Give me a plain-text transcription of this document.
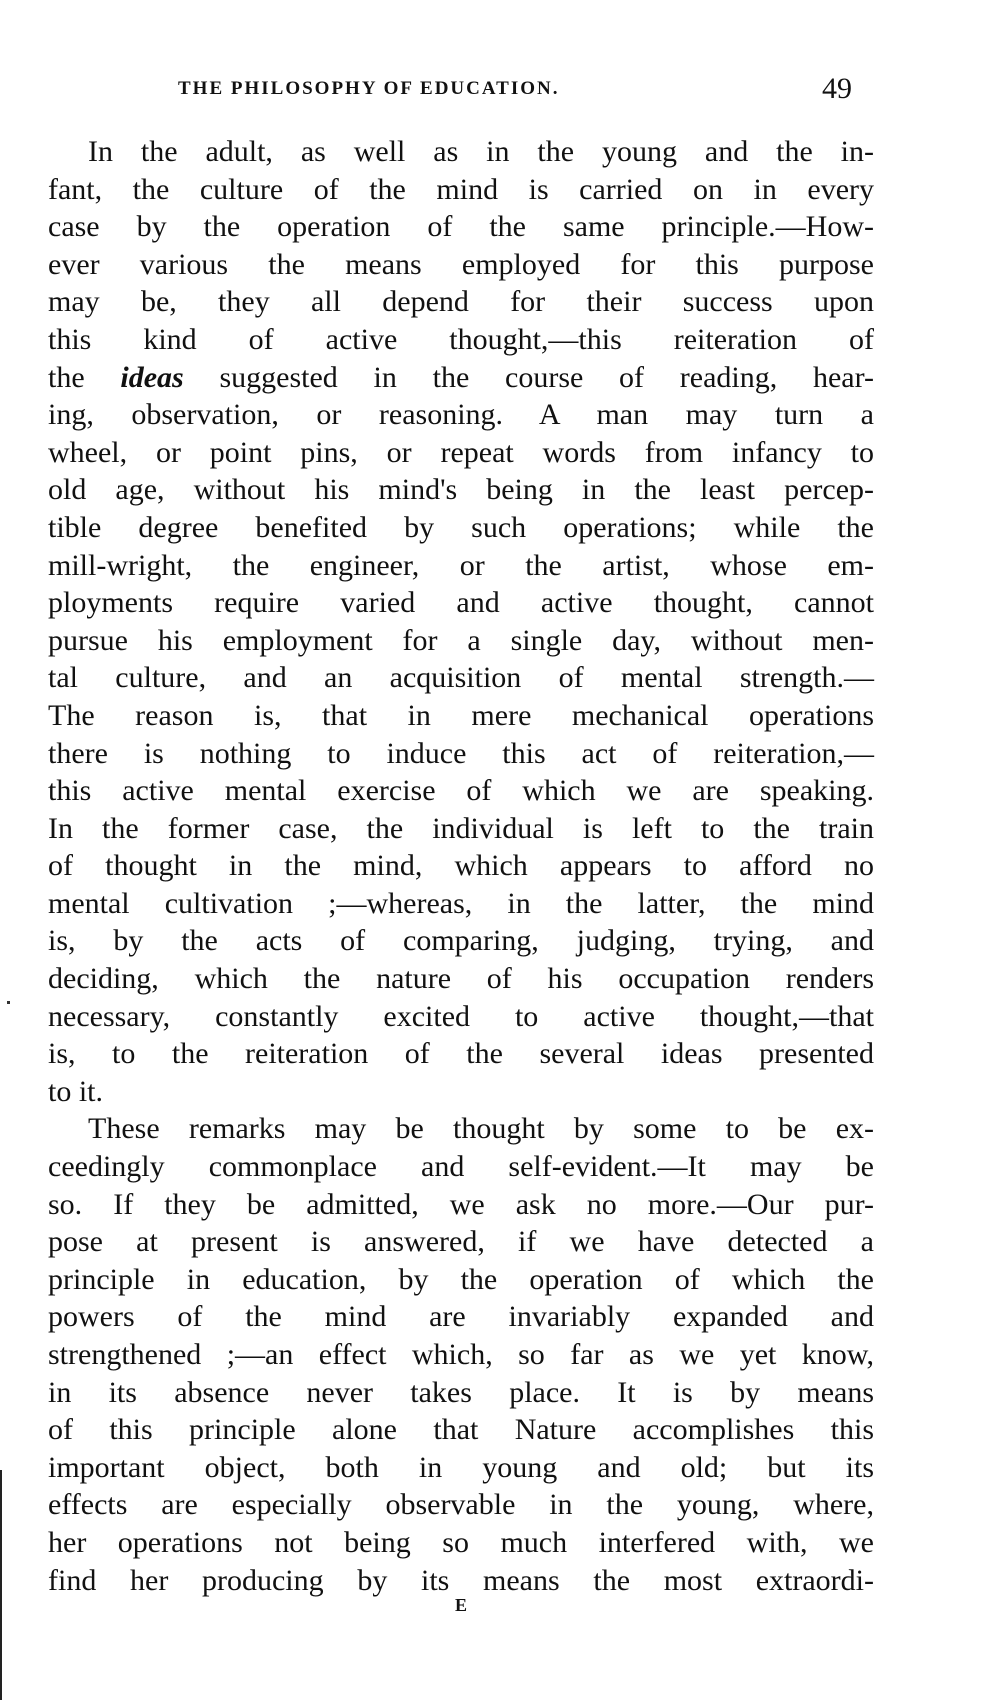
THE PHILOSOPHY OF EDUCATION.	49
In the adult, as well as in the young and the in-
fant, the culture of the mind is carried on in every
case by the operation of the same principle.—How-
ever various the means employed for this purpose
may be, they all depend for their success upon
this kind of active thought,—this reiteration of
the ideas suggested in the course of reading, hear-
ing, observation, or reasoning. A man may turn a
wheel, or point pins, or repeat words from infancy to
old age, without his mind's being in the least percep-
tible degree benefited by such operations; while the
mill-wright, the engineer, or the artist, whose em-
ployments require varied and active thought, cannot
pursue his employment for a single day, without men-
tal culture, and an acquisition of mental strength.—
The reason is, that in mere mechanical operations
there is nothing to induce this act of reiteration,—
this active mental exercise of which we are speaking.
In the former case, the individual is left to the train
of thought in the mind, which appears to afford no
mental cultivation ;—whereas, in the latter, the mind
is, by the acts of comparing, judging, trying, and
deciding, which the nature of his occupation renders
necessary, constantly excited to active thought,—that
is, to the reiteration of the several ideas presented
to it.
These remarks may be thought by some to be ex-
ceedingly commonplace and self-evident.—It may be
so. If they be admitted, we ask no more.—Our pur-
pose at present is answered, if we have detected a
principle in education, by the operation of which the
powers of the mind are invariably expanded and
strengthened ;—an effect which, so far as we yet know,
in its absence never takes place. It is by means
of this principle alone that Nature accomplishes this
important object, both in young and old; but its
effects are especially observable in the young, where,
her operations not being so much interfered with, we
find her producing by its means the most extraordi-
E
